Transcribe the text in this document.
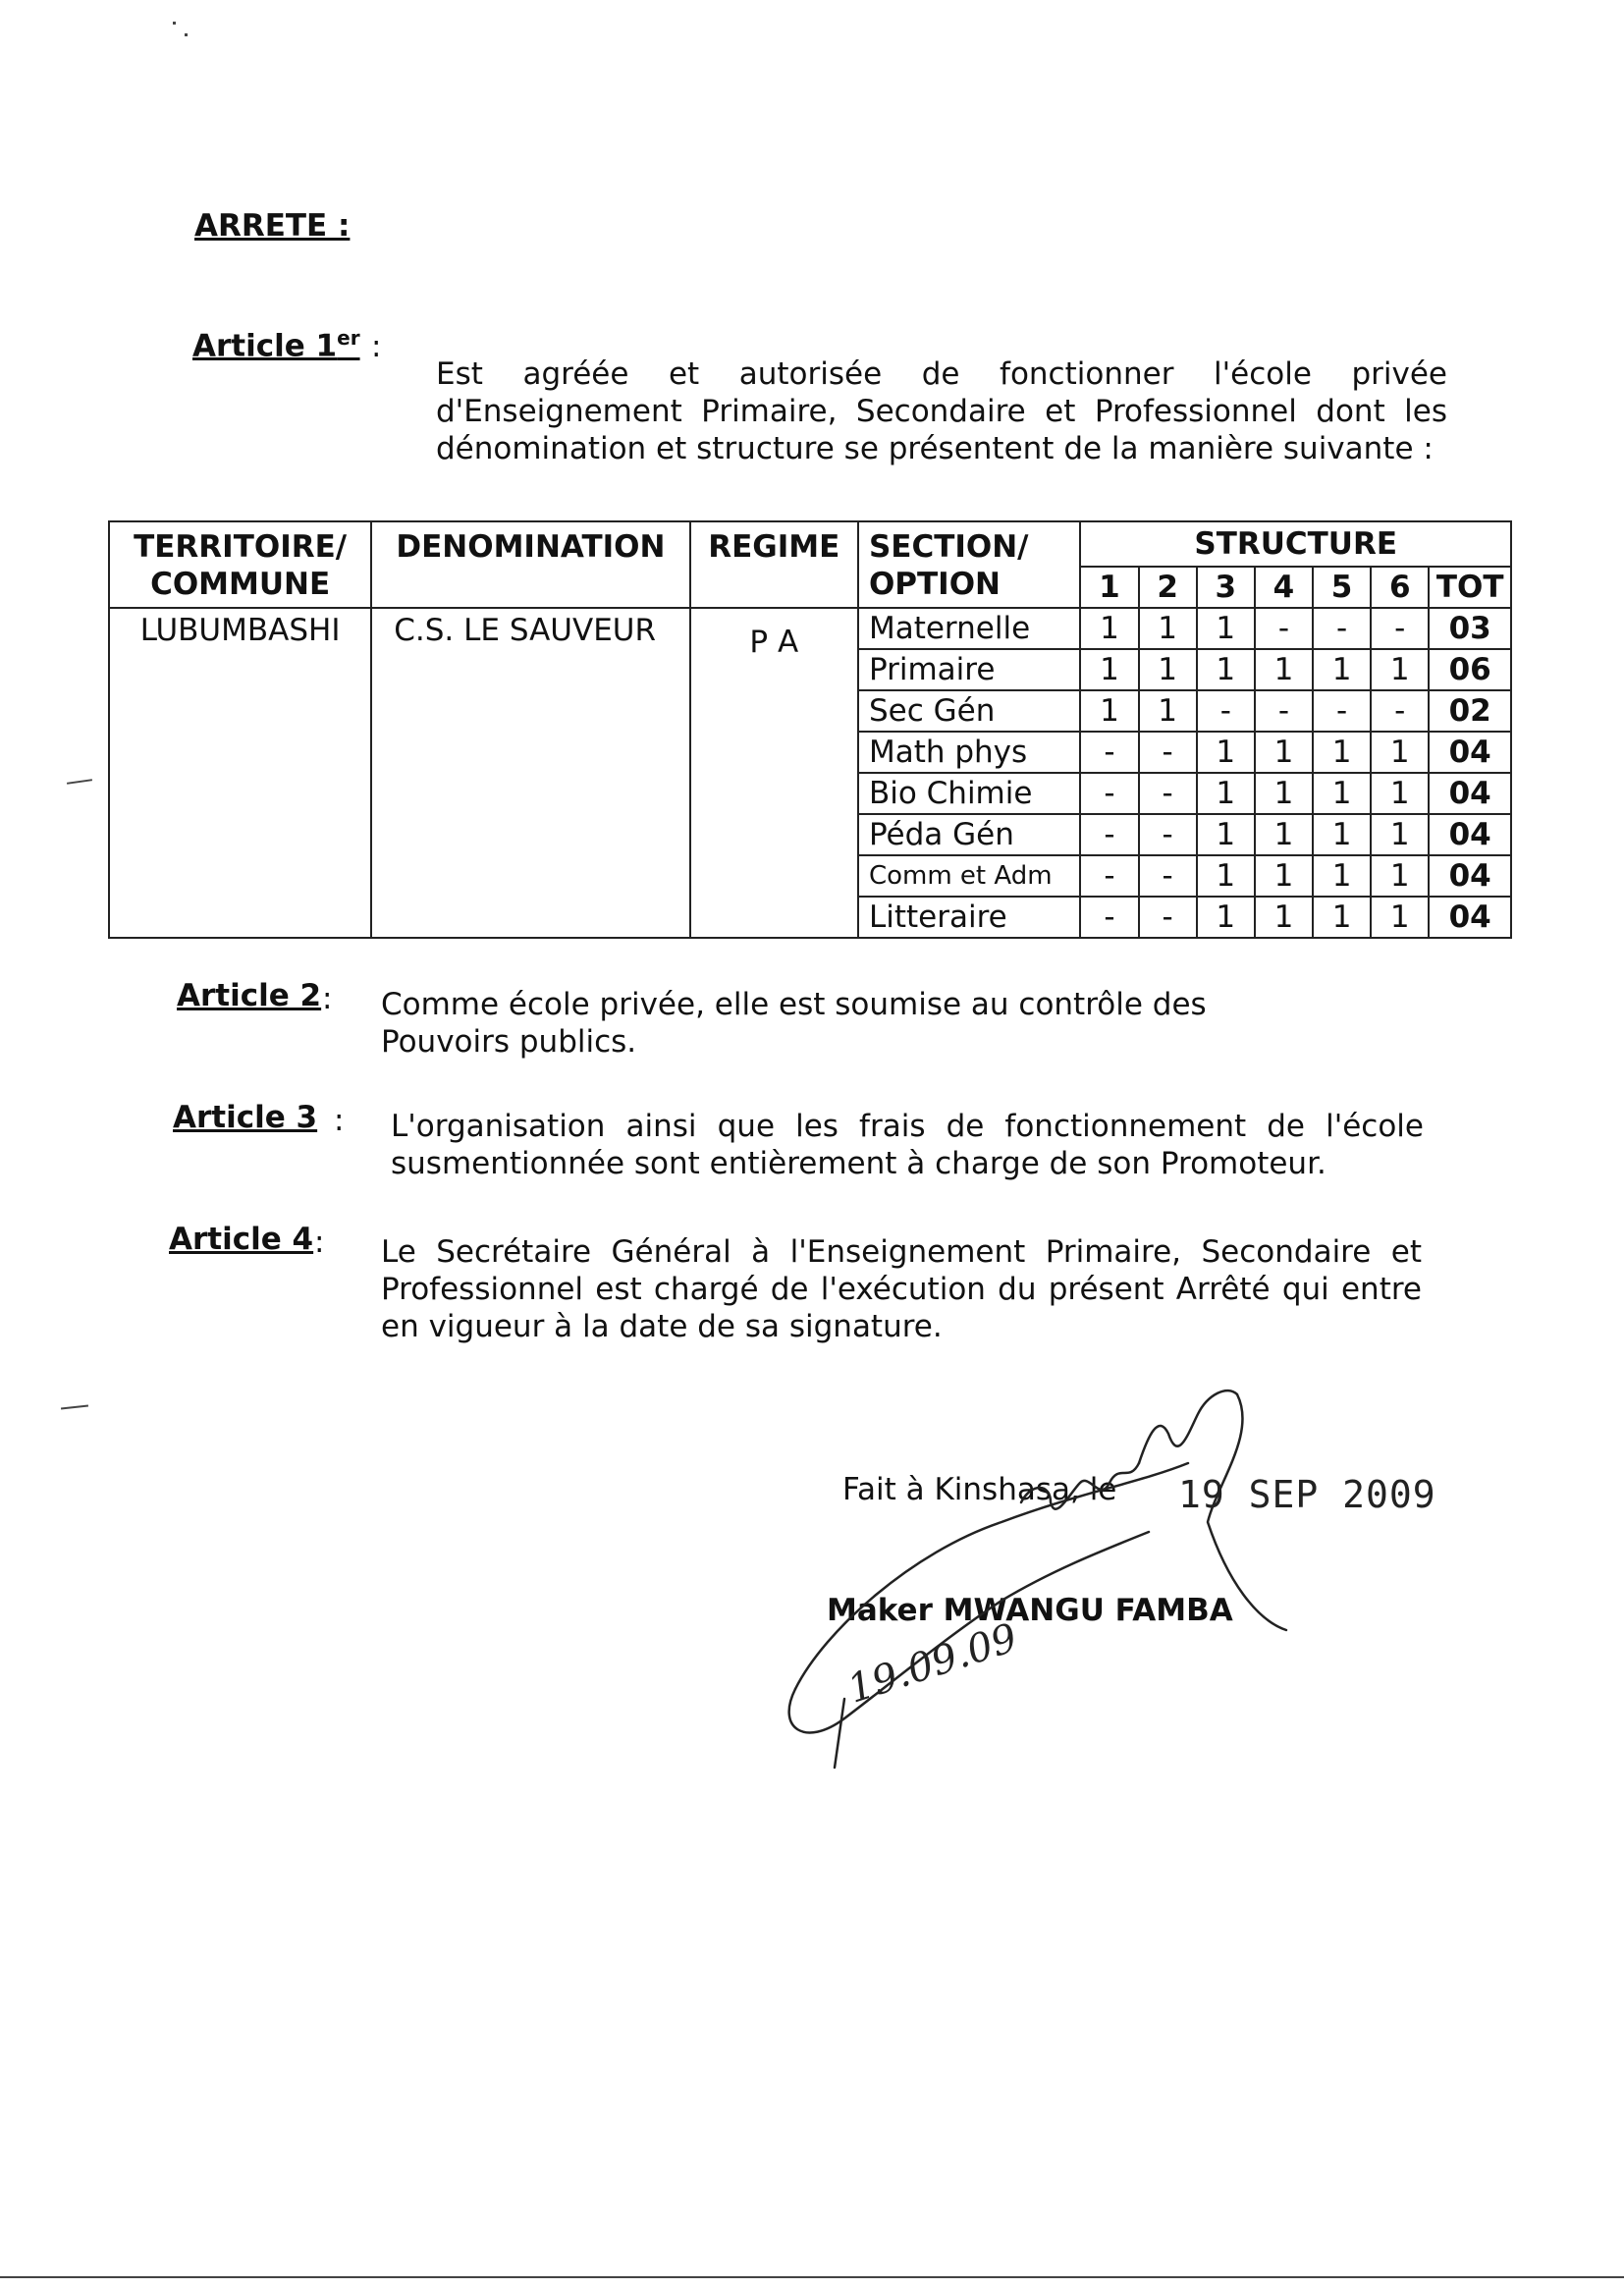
ARRETE :
Article 1er :
Est agréée et autorisée de fonctionner l'école privée d'Enseignement Primaire, Secondaire et Professionnel dont les dénomination et structure se présentent de la manière suivante :
TERRITOIRE/ COMMUNE	DENOMINATION	REGIME	SECTION/ OPTION	STRUCTURE						
				1	2	3	4	5	6	TOT
LUBUMBASHI	C.S. LE SAUVEUR	P A	Maternelle	1	1	1	-	-	-	03
			Primaire	1	1	1	1	1	1	06
			Sec Gén	1	1	-	-	-	-	02
			Math phys	-	-	1	1	1	1	04
			Bio Chimie	-	-	1	1	1	1	04
			Péda Gén	-	-	1	1	1	1	04
			Comm et Adm	-	-	1	1	1	1	04
			Litteraire	-	-	1	1	1	1	04
Article 2 : Comme école privée, elle est soumise au contrôle des Pouvoirs publics.
Article 3 : L'organisation ainsi que les frais de fonctionnement de l'école susmentionnée sont entièrement à charge de son Promoteur.
Article 4 : Le Secrétaire Général à l'Enseignement Primaire, Secondaire et Professionnel est chargé de l'exécution du présent Arrêté qui entre en vigueur à la date de sa signature.
Fait à Kinshasa, le 19 SEP 2009
Maker MWANGU FAMBA
19.09.09
